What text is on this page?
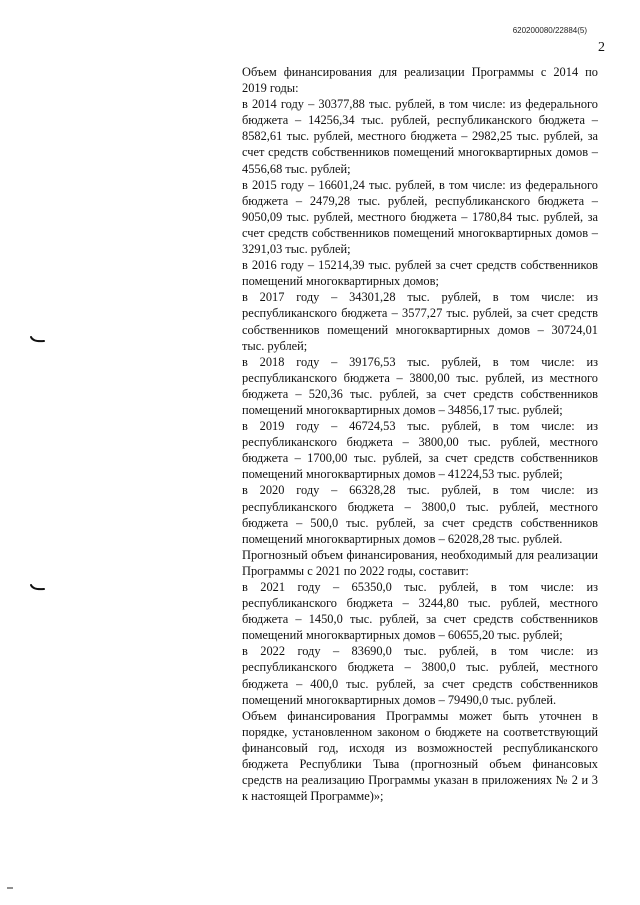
620200080/22884(5)
2

Объем финансирования для реализации Программы с 2014 по 2019 годы:

в 2014 году – 30377,88 тыс. рублей, в том числе: из федерального бюджета – 14256,34 тыс. рублей, республиканского бюджета – 8582,61 тыс. рублей, местного бюджета – 2982,25 тыс. рублей, за счет средств собственников помещений многоквартирных домов – 4556,68 тыс. рублей;

в 2015 году – 16601,24 тыс. рублей, в том числе: из федерального бюджета – 2479,28 тыс. рублей, республиканского бюджета – 9050,09 тыс. рублей, местного бюджета – 1780,84 тыс. рублей, за счет средств собственников помещений многоквартирных домов – 3291,03 тыс. рублей;

в 2016 году – 15214,39 тыс. рублей за счет средств собственников помещений многоквартирных домов;

в 2017 году – 34301,28 тыс. рублей, в том числе: из республиканского бюджета – 3577,27 тыс. рублей, за счет средств собственников помещений многоквартирных домов – 30724,01 тыс. рублей;

в 2018 году – 39176,53 тыс. рублей, в том числе: из республиканского бюджета – 3800,00 тыс. рублей, из местного бюджета – 520,36 тыс. рублей, за счет средств собственников помещений многоквартирных домов – 34856,17 тыс. рублей;

в 2019 году – 46724,53 тыс. рублей, в том числе: из республиканского бюджета – 3800,00 тыс. рублей, местного бюджета – 1700,00 тыс. рублей, за счет средств собственников помещений многоквартирных домов – 41224,53 тыс. рублей;

в 2020 году – 66328,28 тыс. рублей, в том числе: из республиканского бюджета – 3800,0 тыс. рублей, местного бюджета – 500,0 тыс. рублей, за счет средств собственников помещений многоквартирных домов – 62028,28 тыс. рублей.

Прогнозный объем финансирования, необходимый для реализации Программы с 2021 по 2022 годы, составит:

в 2021 году – 65350,0 тыс. рублей, в том числе: из республиканского бюджета – 3244,80 тыс. рублей, местного бюджета – 1450,0 тыс. рублей, за счет средств собственников помещений многоквартирных домов – 60655,20 тыс. рублей;

в 2022 году – 83690,0 тыс. рублей, в том числе: из республиканского бюджета – 3800,0 тыс. рублей, местного бюджета – 400,0 тыс. рублей, за счет средств собственников помещений многоквартирных домов – 79490,0 тыс. рублей.

Объем финансирования Программы может быть уточнен в порядке, установленном законом о бюджете на соответствующий финансовый год, исходя из возможностей республиканского бюджета Республики Тыва (прогнозный объем финансовых средств на реализацию Программы указан в приложениях № 2 и 3 к настоящей Программе)»;
